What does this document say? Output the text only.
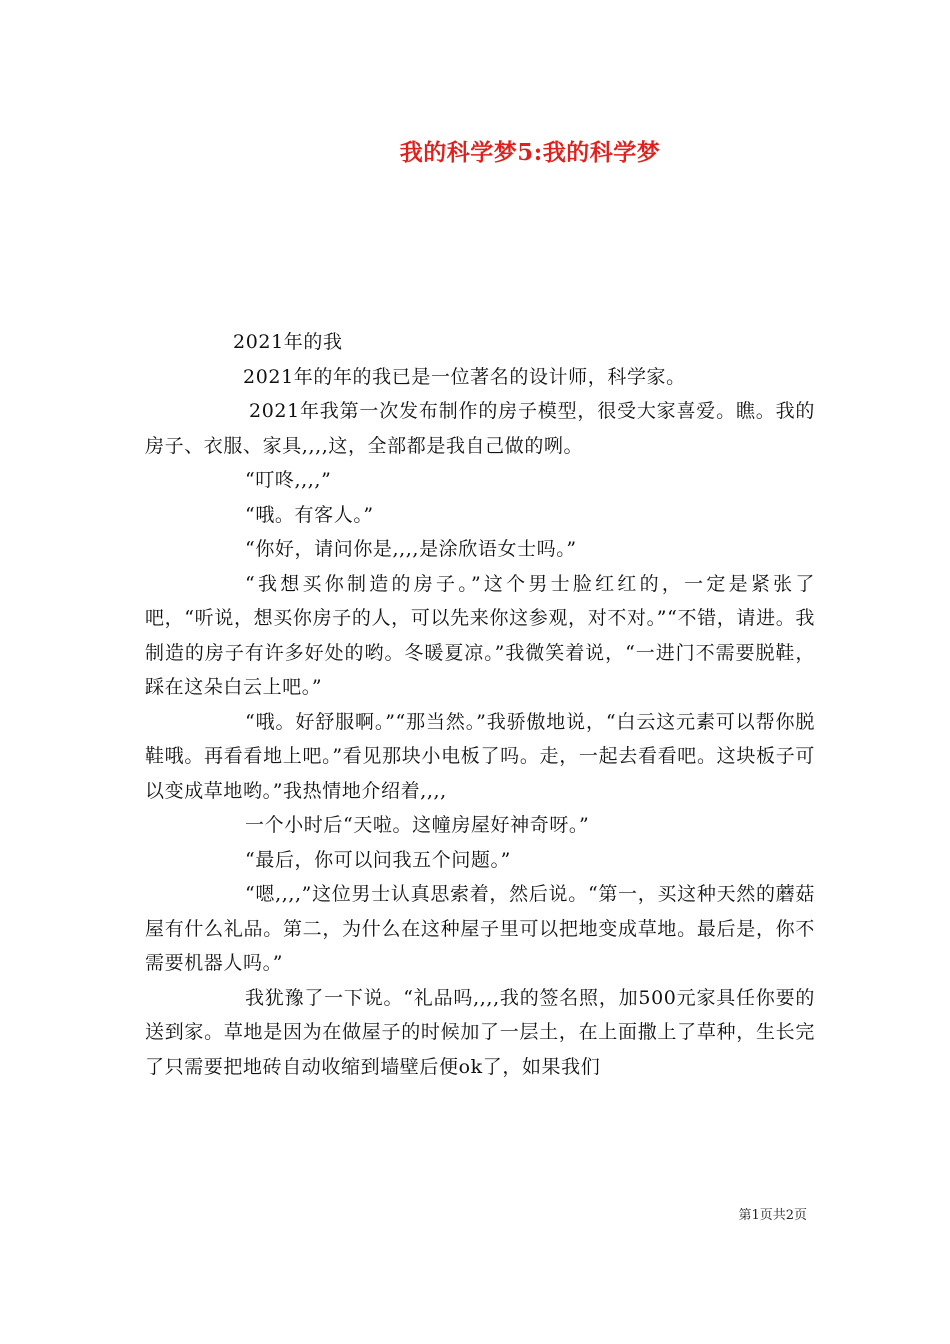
我的科学梦5:我的科学梦

2021年的我

2021年的年的我已是一位著名的设计师，科学家。

2021年我第一次发布制作的房子模型，很受大家喜爱。瞧。我的房子、衣服、家具,,,,这，全部都是我自己做的咧。

“叮咚,,,,”

“哦。有客人。”

“你好，请问你是,,,,是涂欣语女士吗。”

“我想买你制造的房子。”这个男士脸红红的，一定是紧张了吧，“听说，想买你房子的人，可以先来你这参观，对不对。”“不错，请进。我制造的房子有许多好处的哟。冬暖夏凉。”我微笑着说，“一进门不需要脱鞋，踩在这朵白云上吧。”

“哦。好舒服啊。”“那当然。”我骄傲地说，“白云这元素可以帮你脱鞋哦。再看看地上吧。”看见那块小电板了吗。走，一起去看看吧。这块板子可以变成草地哟。”我热情地介绍着,,,,

一个小时后“天啦。这幢房屋好神奇呀。”

“最后，你可以问我五个问题。”

“嗯,,,,”这位男士认真思索着，然后说。“第一，买这种天然的蘑菇屋有什么礼品。第二，为什么在这种屋子里可以把地变成草地。最后是，你不需要机器人吗。”

我犹豫了一下说。“礼品吗,,,,我的签名照，加500元家具任你要的送到家。草地是因为在做屋子的时候加了一层土，在上面撒上了草种，生长完了只需要把地砖自动收缩到墙壁后便ok了，如果我们

第1页共2页
